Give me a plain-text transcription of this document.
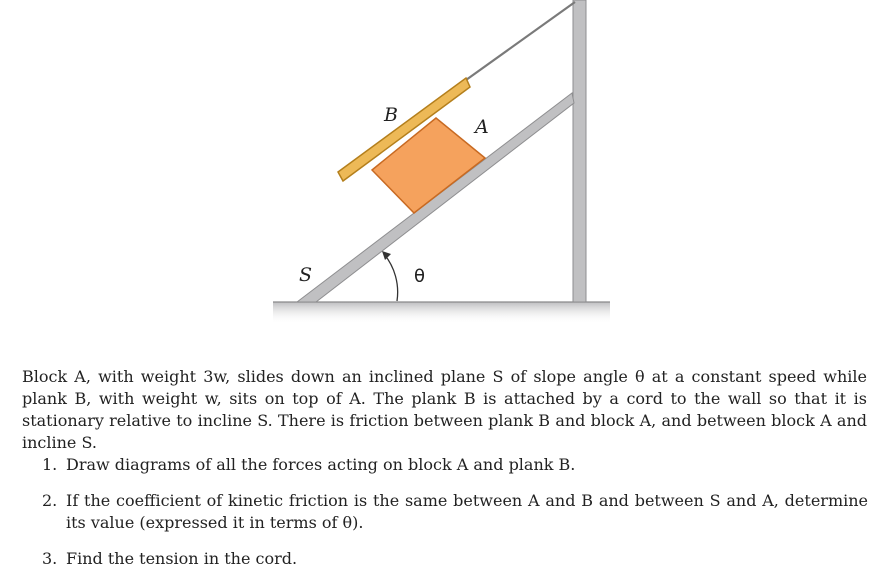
B
A
S	θ

Block A, with weight 3w, slides down an inclined plane S of slope angle θ at a constant speed while plank B, with weight w, sits on top of A. The plank B is attached by a cord to the wall so that it is stationary relative to incline S. There is friction between plank B and block A, and between block A and incline S.

1. Draw diagrams of all the forces acting on block A and plank B.
2. If the coefficient of kinetic friction is the same between A and B and between S and A, determine its value (expressed it in terms of θ).
3. Find the tension in the cord.
